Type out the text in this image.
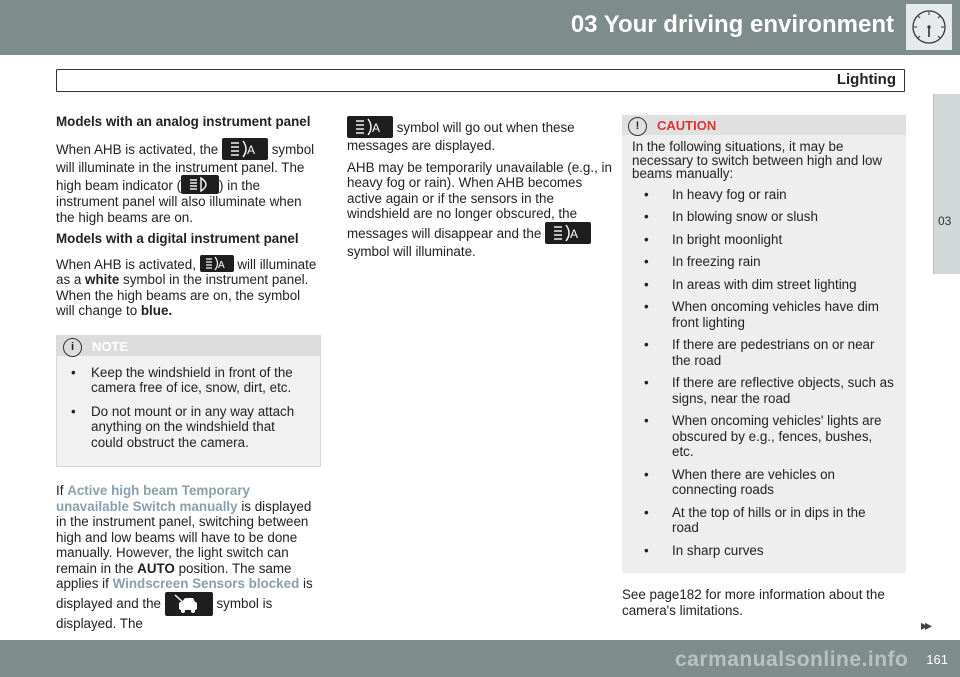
03 Your driving environment
Lighting
03

Models with an analog instrument panel

When AHB is activated, the A symbol will illuminate in the instrument panel. The high beam indicator (	) in the instrument panel will also illuminate when the high beams are on.

Models with a digital instrument panel

When AHB is activated, A will illuminate as a white symbol in the instrument panel. When the high beams are on, the symbol will change to blue.

i	NOTE
• Keep the windshield in front of the camera free of ice, snow, dirt, etc.
• Do not mount or in any way attach anything on the windshield that could obstruct the camera.

If Active high beam Temporary unavailable Switch manually is displayed in the instrument panel, switching between high and low beams will have to be done manually. However, the light switch can remain in the AUTO position. The same applies if Windscreen Sensors blocked is displayed and the	symbol is displayed. The

A symbol will go out when these messages are displayed.

AHB may be temporarily unavailable (e.g., in heavy fog or rain). When AHB becomes active again or if the sensors in the windshield are no longer obscured, the messages will disappear and the A
symbol will illuminate.

!	CAUTION

In the following situations, it may be necessary to switch between high and low beams manually:

• In heavy fog or rain
• In blowing snow or slush
• In bright moonlight
• In freezing rain
• In areas with dim street lighting
• When oncoming vehicles have dim front lighting
• If there are pedestrians on or near the road
• If there are reflective objects, such as signs, near the road
• When oncoming vehicles' lights are obscured by e.g., fences, bushes, etc.
• When there are vehicles on connecting roads
• At the top of hills or in dips in the road
• In sharp curves

See page182 for more information about the camera's limitations.

▸▸
carmanualsonline.info 161
